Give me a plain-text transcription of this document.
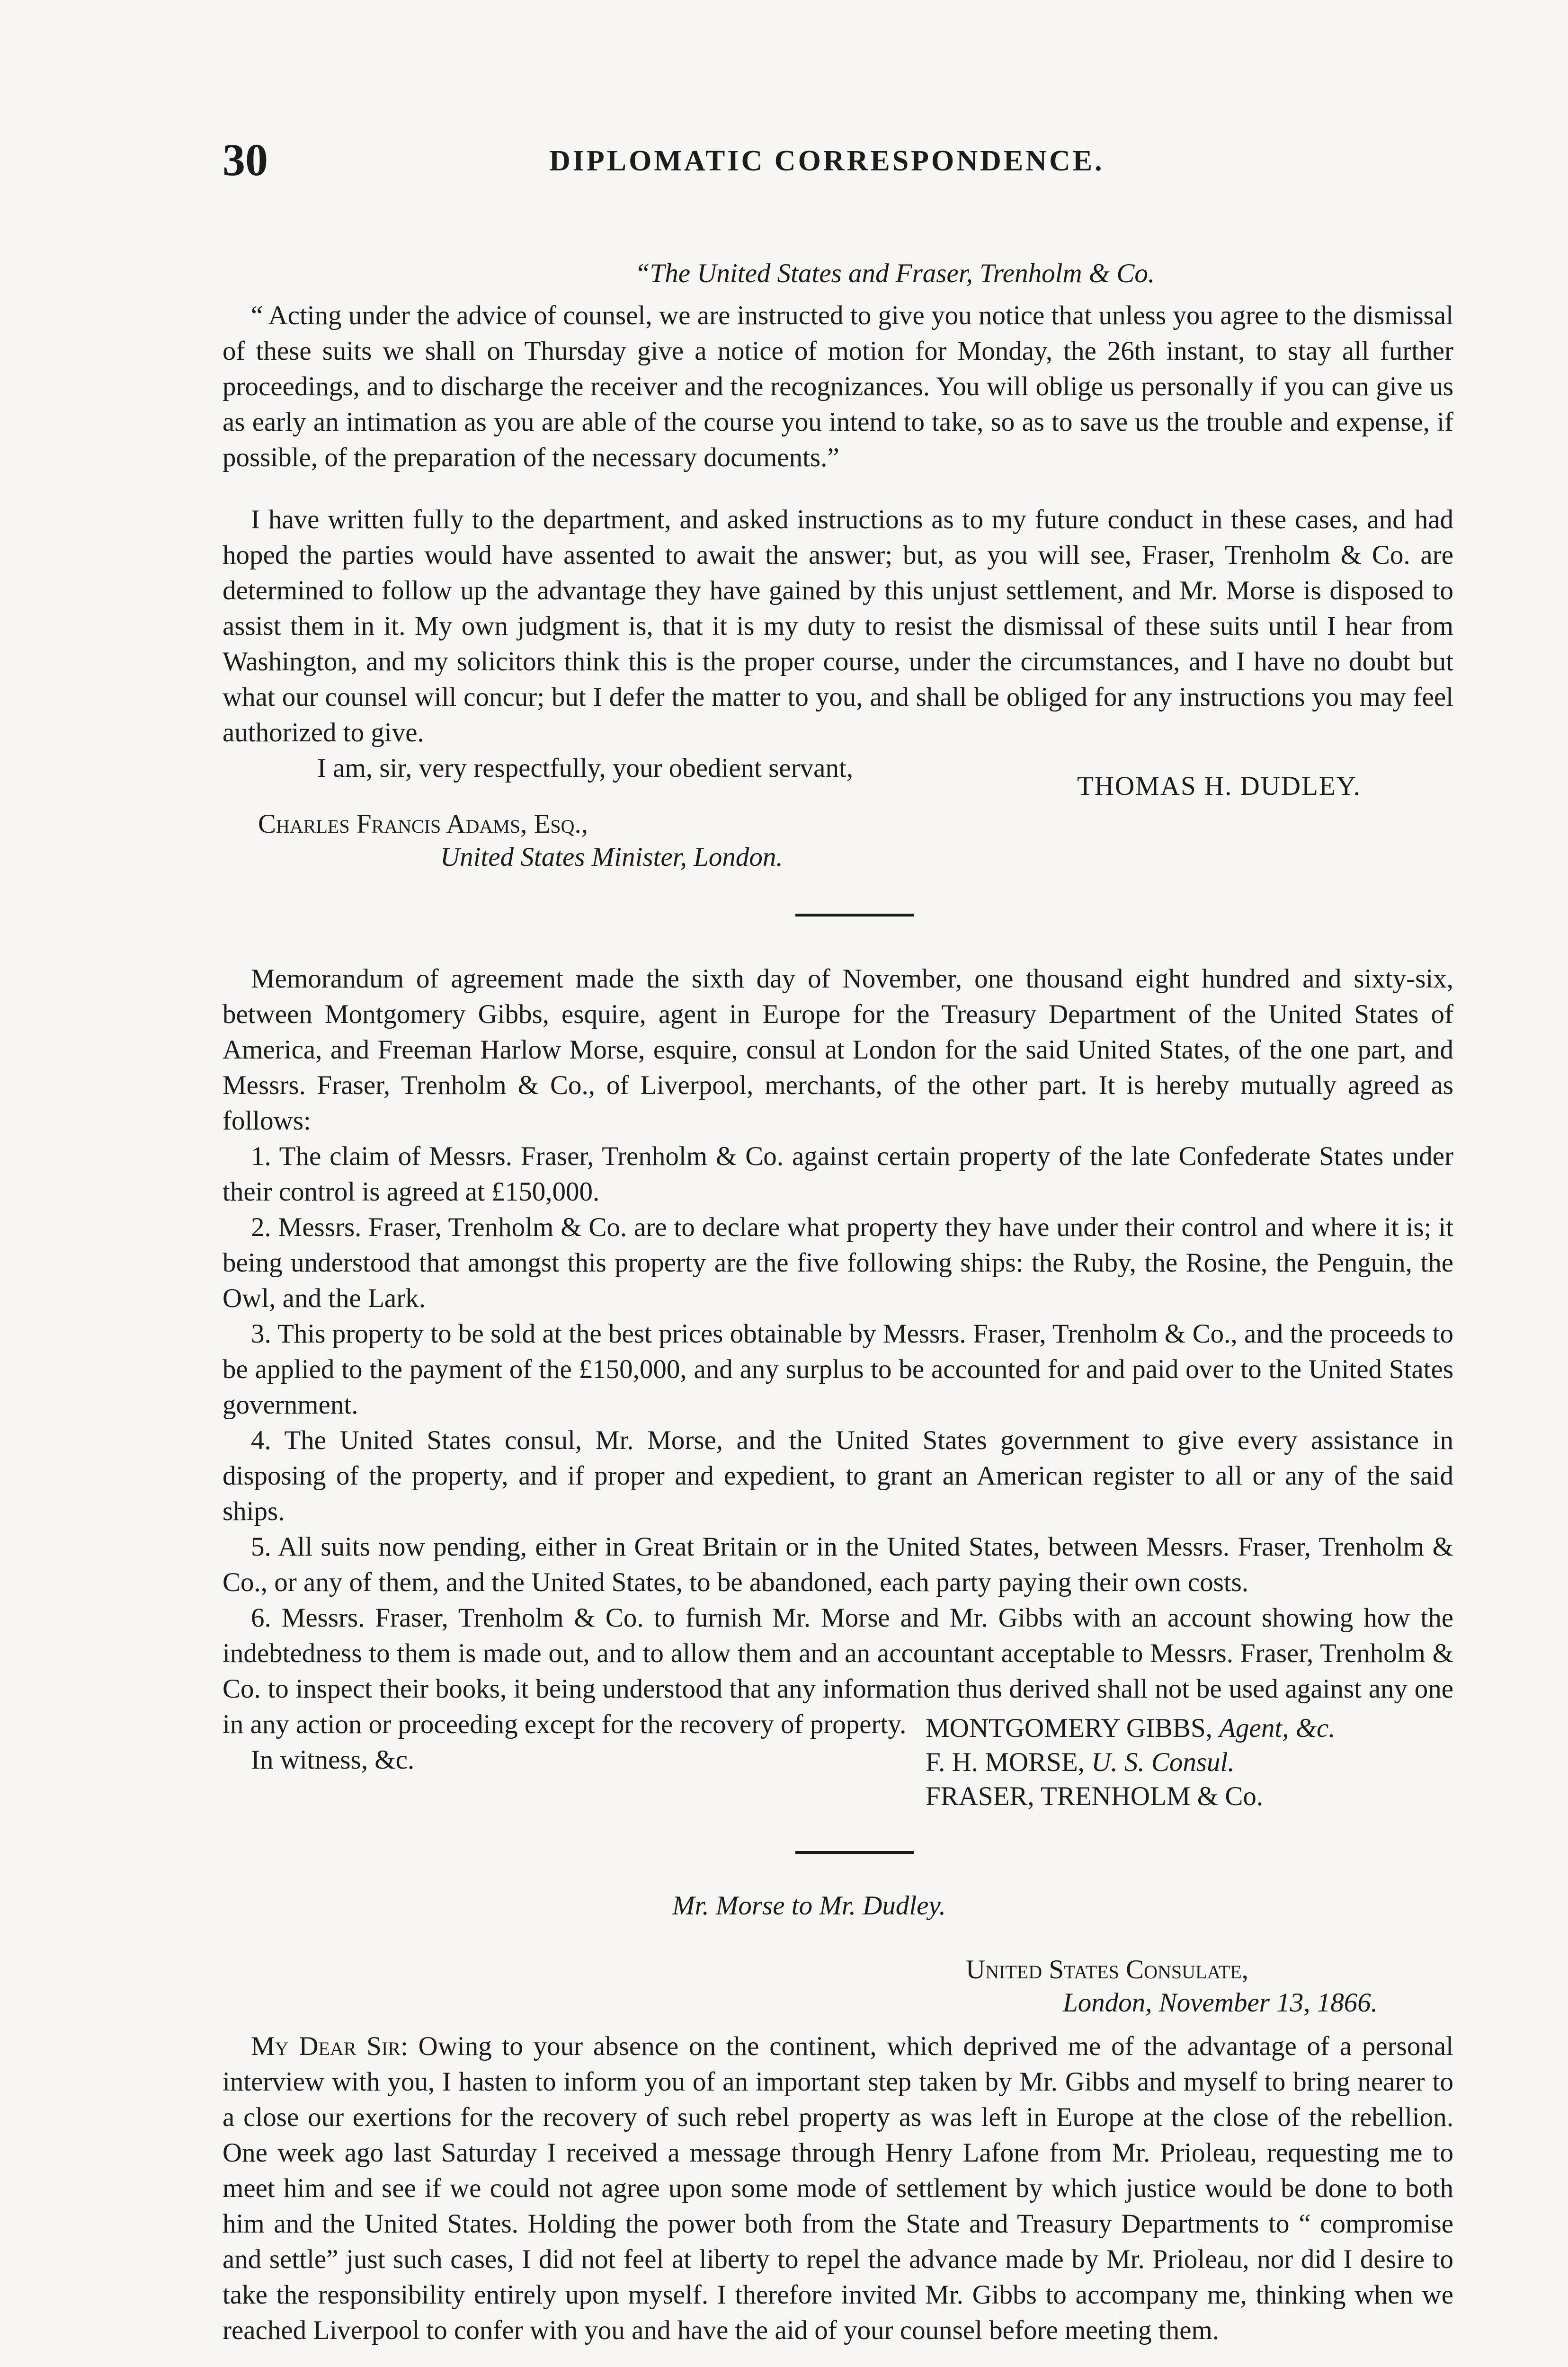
30	DIPLOMATIC CORRESPONDENCE.

“The United States and Fraser, Trenholm & Co.

“ Acting under the advice of counsel, we are instructed to give you notice that unless you agree to the dismissal of these suits we shall on Thursday give a notice of motion for Monday, the 26th instant, to stay all further proceedings, and to discharge the receiver and the recognizances. You will oblige us personally if you can give us as early an intimation as you are able of the course you intend to take, so as to save us the trouble and expense, if possible, of the preparation of the necessary documents.”

I have written fully to the department, and asked instructions as to my future conduct in these cases, and had hoped the parties would have assented to await the answer; but, as you will see, Fraser, Trenholm & Co. are determined to follow up the advantage they have gained by this unjust settlement, and Mr. Morse is disposed to assist them in it. My own judgment is, that it is my duty to resist the dismissal of these suits until I hear from Washington, and my solicitors think this is the proper course, under the circumstances, and I have no doubt but what our counsel will concur; but I defer the matter to you, and shall be obliged for any instructions you may feel authorized to give.

I am, sir, very respectfully, your obedient servant,

THOMAS H. DUDLEY.
Charles Francis Adams, Esq.,
United States Minister, London.

Memorandum of agreement made the sixth day of November, one thousand eight hundred and sixty-six, between Montgomery Gibbs, esquire, agent in Europe for the Treasury Department of the United States of America, and Freeman Harlow Morse, esquire, consul at London for the said United States, of the one part, and Messrs. Fraser, Trenholm & Co., of Liverpool, merchants, of the other part. It is hereby mutually agreed as follows:

1. The claim of Messrs. Fraser, Trenholm & Co. against certain property of the late Confederate States under their control is agreed at £150,000.

2. Messrs. Fraser, Trenholm & Co. are to declare what property they have under their control and where it is; it being understood that amongst this property are the five following ships: the Ruby, the Rosine, the Penguin, the Owl, and the Lark.

3. This property to be sold at the best prices obtainable by Messrs. Fraser, Trenholm & Co., and the proceeds to be applied to the payment of the £150,000, and any surplus to be accounted for and paid over to the United States government.

4. The United States consul, Mr. Morse, and the United States government to give every assistance in disposing of the property, and if proper and expedient, to grant an American register to all or any of the said ships.

5. All suits now pending, either in Great Britain or in the United States, between Messrs. Fraser, Trenholm & Co., or any of them, and the United States, to be abandoned, each party paying their own costs.

6. Messrs. Fraser, Trenholm & Co. to furnish Mr. Morse and Mr. Gibbs with an account showing how the indebtedness to them is made out, and to allow them and an accountant acceptable to Messrs. Fraser, Trenholm & Co. to inspect their books, it being understood that any information thus derived shall not be used against any one in any action or proceeding except for the recovery of property.

In witness, &c.

MONTGOMERY GIBBS, Agent, &c.
F. H. MORSE, U. S. Consul.
FRASER, TRENHOLM & Co.
Mr. Morse to Mr. Dudley.
United States Consulate,
London, November 13, 1866.

My Dear Sir: Owing to your absence on the continent, which deprived me of the advantage of a personal interview with you, I hasten to inform you of an important step taken by Mr. Gibbs and myself to bring nearer to a close our exertions for the recovery of such rebel property as was left in Europe at the close of the rebellion. One week ago last Saturday I received a message through Henry Lafone from Mr. Prioleau, requesting me to meet him and see if we could not agree upon some mode of settlement by which justice would be done to both him and the United States. Holding the power both from the State and Treasury Departments to “ compromise and settle” just such cases, I did not feel at liberty to repel the advance made by Mr. Prioleau, nor did I desire to take the responsibility entirely upon myself. I therefore invited Mr. Gibbs to accompany me, thinking when we reached Liverpool to confer with you and have the aid of your counsel before meeting them.
